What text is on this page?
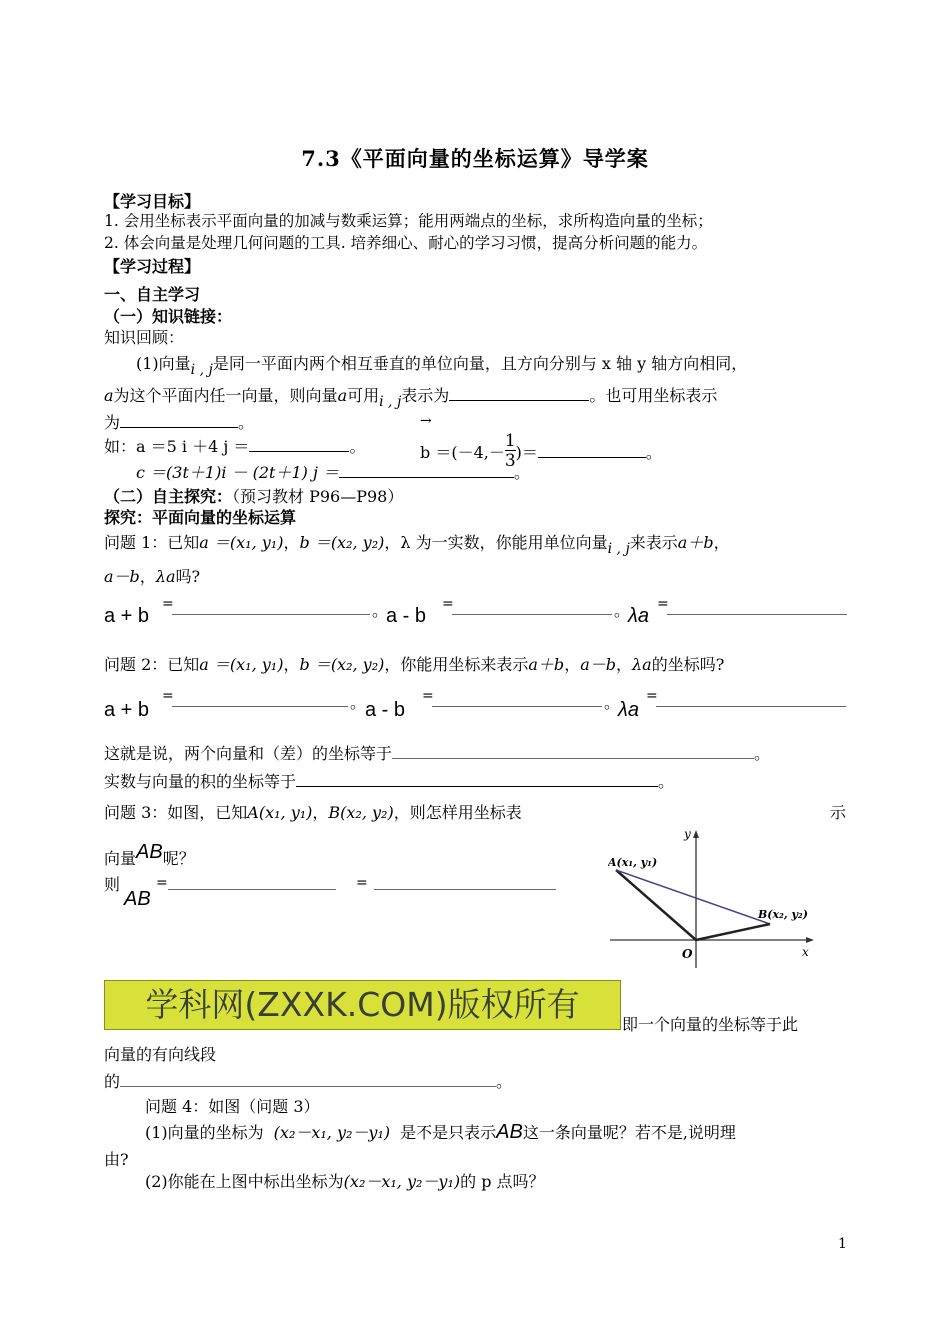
7.3《平面向量的坐标运算》导学案
【学习目标】
1. 会用坐标表示平面向量的加减与数乘运算；能用两端点的坐标，求所构造向量的坐标；
2. 体会向量是处理几何问题的工具. 培养细心、耐心的学习习惯，提高分析问题的能力。
【学习过程】
一、自主学习
（一）知识链接：
知识回顾：
(1)向量i , j是同一平面内两个相互垂直的单位向量，且方向分别与 x 轴 y 轴方向相同，
a为这个平面内任一向量，则向量a可用i , j表示为	。也可用坐标表示
为	。
如：a ＝5 i ＋4 j ＝	。
→
$b =(-4,- \frac{1}{3}$ )＝	。
c ＝(3t＋1)i － (2t＋1) j ＝	。
（二）自主探究：（预习教材 P96—P98）
探究：平面向量的坐标运算
问题 1：已知a ＝(x₁, y₁)，b ＝(x₂, y₂)，λ 为一实数，你能用单位向量i , j来表示a＋b，
a－b，λa吗?
a + b
=	。
a - b
=	。
λa
=
问题 2：已知a ＝(x₁, y₁)，b ＝(x₂, y₂)，你能用坐标来表示a＋b，a－b，λa的坐标吗?
a + b
=	。
a - b
=	。
λa
=
这就是说，两个向量和（差）的坐标等于	。
实数与向量的积的坐标等于	。
问题 3：如图，已知A(x₁, y₁)，B(x₂, y₂)，则怎样用坐标表	示
向量AB呢？
则
AB
=	=
y
x
O
A(x₁, y₁)
B(x₂, y₂)
学科网(ZXXK.COM)版权所有
即一个向量的坐标等于此
向量的有向线段
的	。
问题 4：如图（问题 3）
(1)向量的坐标为 (x₂－x₁, y₂－y₁) 是不是只表示AB这一条向量呢？若不是,说明理
由?
(2)你能在上图中标出坐标为(x₂－x₁, y₂－y₁)的 p 点吗？
1
